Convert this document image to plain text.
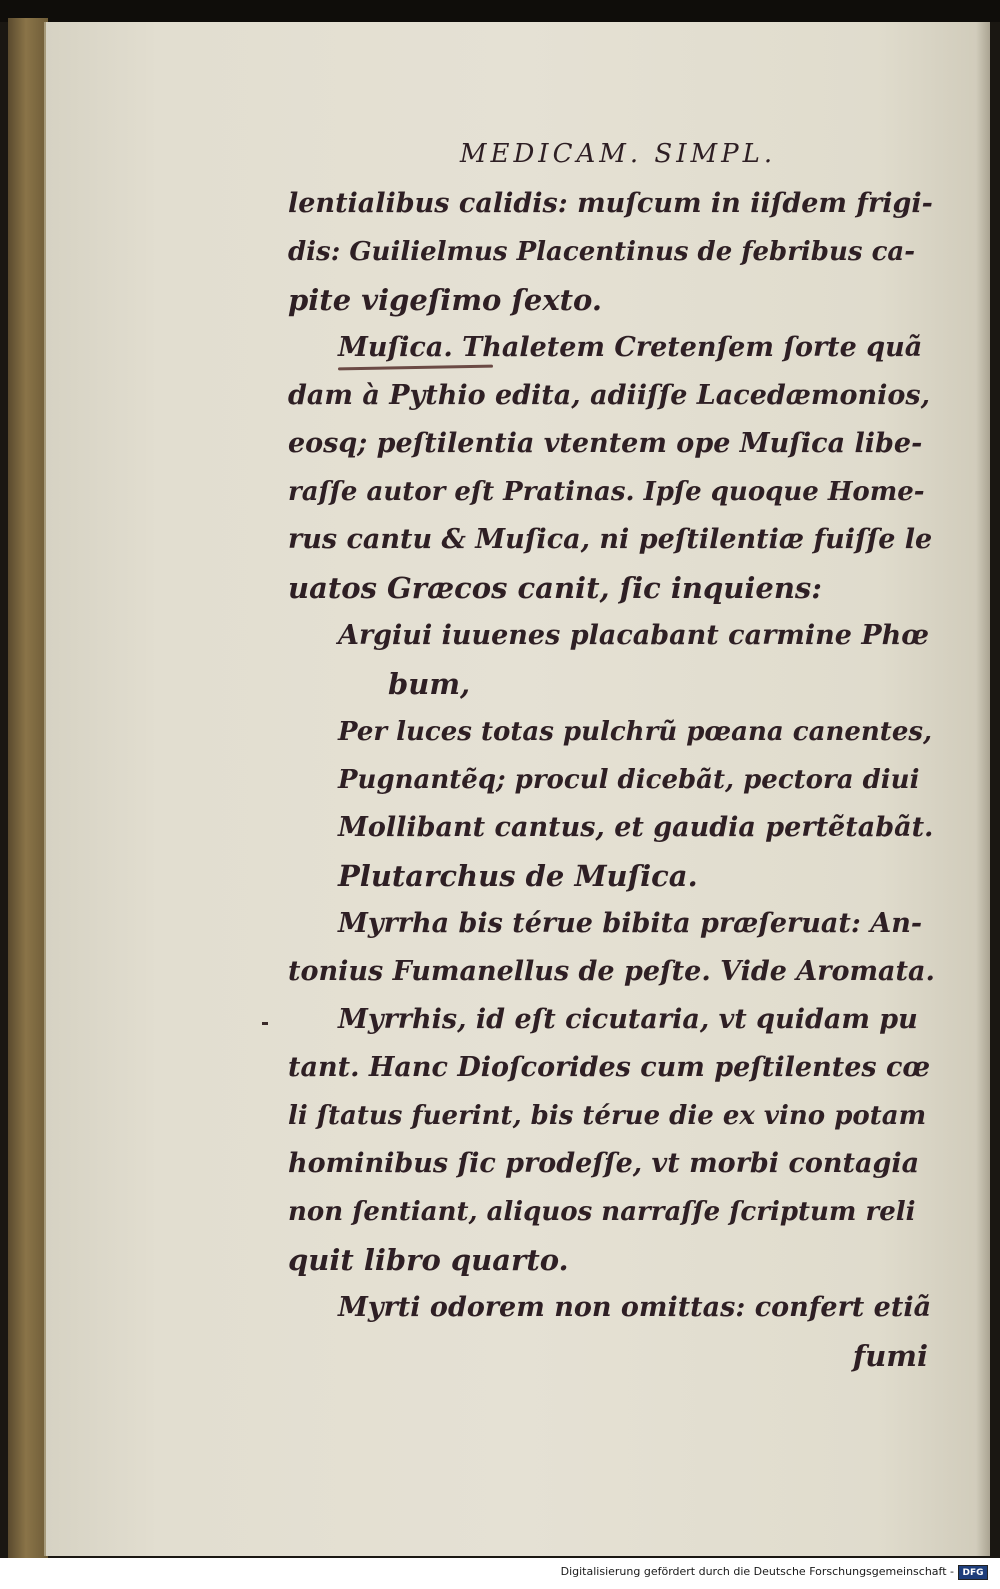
MEDICAM. SIMPL.
lentialibus calidis: muſcum in iiſdem frigi-
dis: Guilielmus Placentinus de febribus ca-
pite vigeſimo ſexto.
Muſica. Thaletem Cretenſem ſorte quã
dam à Pythio edita, adiiſſe Lacedæmonios,
eosq; peſtilentia vtentem ope Muſica libe-
raſſe autor eſt Pratinas. Ipſe quoque Home-
rus cantu & Muſica, ni peſtilentiæ fuiſſe le
uatos Græcos canit, ſic inquiens:
Argiui iuuenes placabant carmine Phœ
bum,
Per luces totas pulchrũ pœana canentes,
Pugnantẽq; procul dicebãt, pectora diui
Mollibant cantus, et gaudia pertẽtabãt.
Plutarchus de Muſica.
Myrrha bis térue bibita præſeruat: An-
tonius Fumanellus de peſte. Vide Aromata.
Myrrhis, id eſt cicutaria, vt quidam pu
tant. Hanc Dioſcorides cum peſtilentes cœ
li ſtatus fuerint, bis térue die ex vino potam
hominibus ſic prodeſſe, vt morbi contagia
non ſentiant, aliquos narraſſe ſcriptum reli
quit libro quarto.
Myrti odorem non omittas: confert etiã
fumi
Digitalisierung gefördert durch die Deutsche Forschungsgemeinschaft - DFG
